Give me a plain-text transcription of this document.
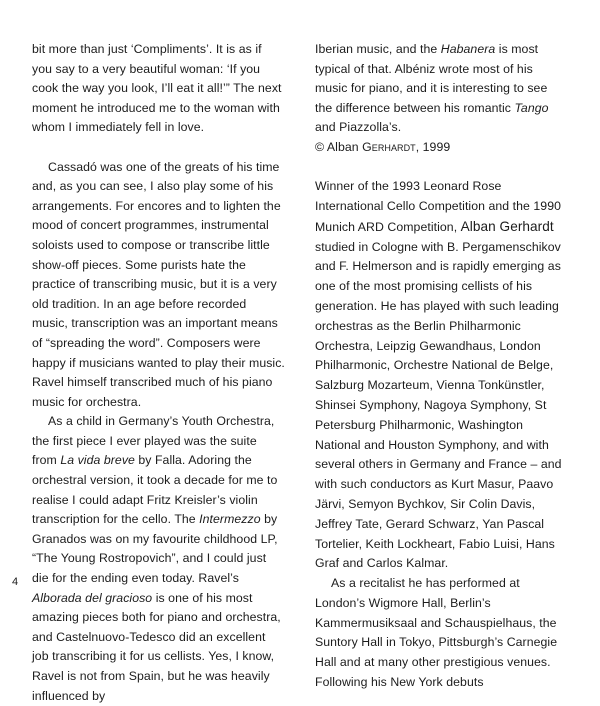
bit more than just ‘Compliments’. It is as if you say to a very beautiful woman: ‘If you cook the way you look, I’ll eat it all!’” The next moment he introduced me to the woman with whom I immediately fell in love.

Cassadó was one of the greats of his time and, as you can see, I also play some of his arrangements. For encores and to lighten the mood of concert programmes, instrumental soloists used to compose or transcribe little show-off pieces. Some purists hate the practice of transcribing music, but it is a very old tradition. In an age before recorded music, transcription was an important means of “spreading the word”. Composers were happy if musicians wanted to play their music. Ravel himself transcribed much of his piano music for orchestra.

As a child in Germany’s Youth Orchestra, the first piece I ever played was the suite from La vida breve by Falla. Adoring the orchestral version, it took a decade for me to realise I could adapt Fritz Kreisler’s violin transcription for the cello. The Intermezzo by Granados was on my favourite childhood LP, “The Young Rostropovich”, and I could just die for the ending even today. Ravel’s Alborada del gracioso is one of his most amazing pieces both for piano and orchestra, and Castelnuovo-Tedesco did an excellent job transcribing it for us cellists. Yes, I know, Ravel is not from Spain, but he was heavily influenced by

Iberian music, and the Habanera is most typical of that. Albéniz wrote most of his music for piano, and it is interesting to see the difference between his romantic Tango and Piazzolla’s.

© Alban Gerhardt, 1999

Winner of the 1993 Leonard Rose International Cello Competition and the 1990 Munich ARD Competition, Alban Gerhardt studied in Cologne with B. Pergamenschikov and F. Helmerson and is rapidly emerging as one of the most promising cellists of his generation. He has played with such leading orchestras as the Berlin Philharmonic Orchestra, Leipzig Gewandhaus, London Philharmonic, Orchestre National de Belge, Salzburg Mozarteum, Vienna Tonkünstler, Shinsei Symphony, Nagoya Symphony, St Petersburg Philharmonic, Washington National and Houston Symphony, and with several others in Germany and France – and with such conductors as Kurt Masur, Paavo Järvi, Semyon Bychkov, Sir Colin Davis, Jeffrey Tate, Gerard Schwarz, Yan Pascal Tortelier, Keith Lockheart, Fabio Luisi, Hans Graf and Carlos Kalmar.

As a recitalist he has performed at London’s Wigmore Hall, Berlin’s Kammermusiksaal and Schauspielhaus, the Suntory Hall in Tokyo, Pittsburgh’s Carnegie Hall and at many other prestigious venues. Following his New York debuts

4
